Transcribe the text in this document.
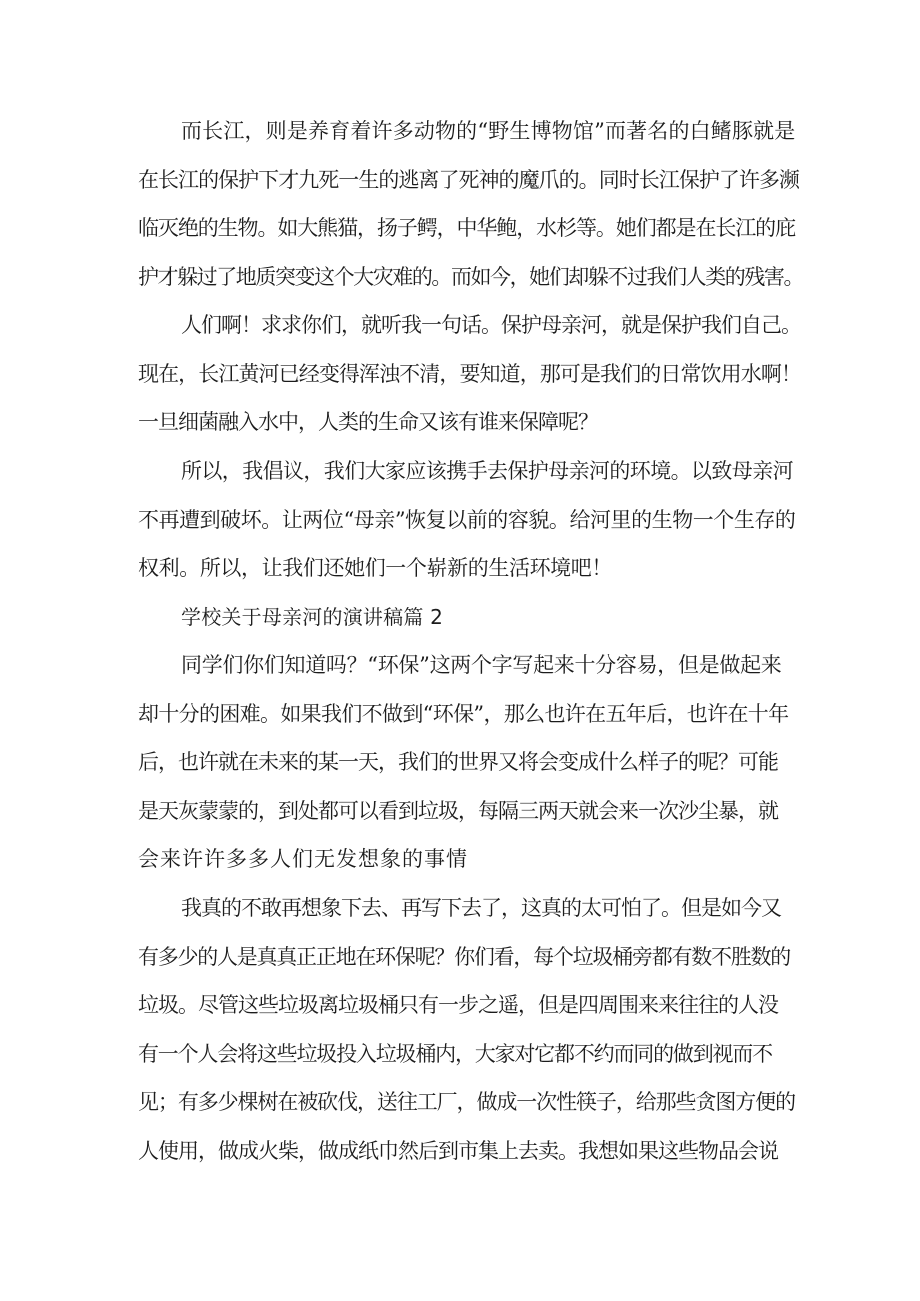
而长江，则是养育着许多动物的“野生博物馆”而著名的白鳍豚就是
在长江的保护下才九死一生的逃离了死神的魔爪的。同时长江保护了许多濒
临灭绝的生物。如大熊猫，扬子鳄，中华鲍，水杉等。她们都是在长江的庇
护才躲过了地质突变这个大灾难的。而如今，她们却躲不过我们人类的残害。
人们啊！求求你们，就听我一句话。保护母亲河，就是保护我们自己。
现在，长江黄河已经变得浑浊不清，要知道，那可是我们的日常饮用水啊！
一旦细菌融入水中，人类的生命又该有谁来保障呢？
所以，我倡议，我们大家应该携手去保护母亲河的环境。以致母亲河
不再遭到破坏。让两位“母亲”恢复以前的容貌。给河里的生物一个生存的
权利。所以，让我们还她们一个崭新的生活环境吧！
学校关于母亲河的演讲稿篇 2
同学们你们知道吗？“环保”这两个字写起来十分容易，但是做起来
却十分的困难。如果我们不做到“环保”，那么也许在五年后，也许在十年
后，也许就在未来的某一天，我们的世界又将会变成什么样子的呢？可能
是天灰蒙蒙的，到处都可以看到垃圾，每隔三两天就会来一次沙尘暴，就
会来许许多多人们无发想象的事情
我真的不敢再想象下去、再写下去了，这真的太可怕了。但是如今又
有多少的人是真真正正地在环保呢？你们看，每个垃圾桶旁都有数不胜数的
垃圾。尽管这些垃圾离垃圾桶只有一步之遥，但是四周围来来往往的人没
有一个人会将这些垃圾投入垃圾桶内，大家对它都不约而同的做到视而不
见；有多少棵树在被砍伐，送往工厂，做成一次性筷子，给那些贪图方便的
人使用，做成火柴，做成纸巾然后到市集上去卖。我想如果这些物品会说
